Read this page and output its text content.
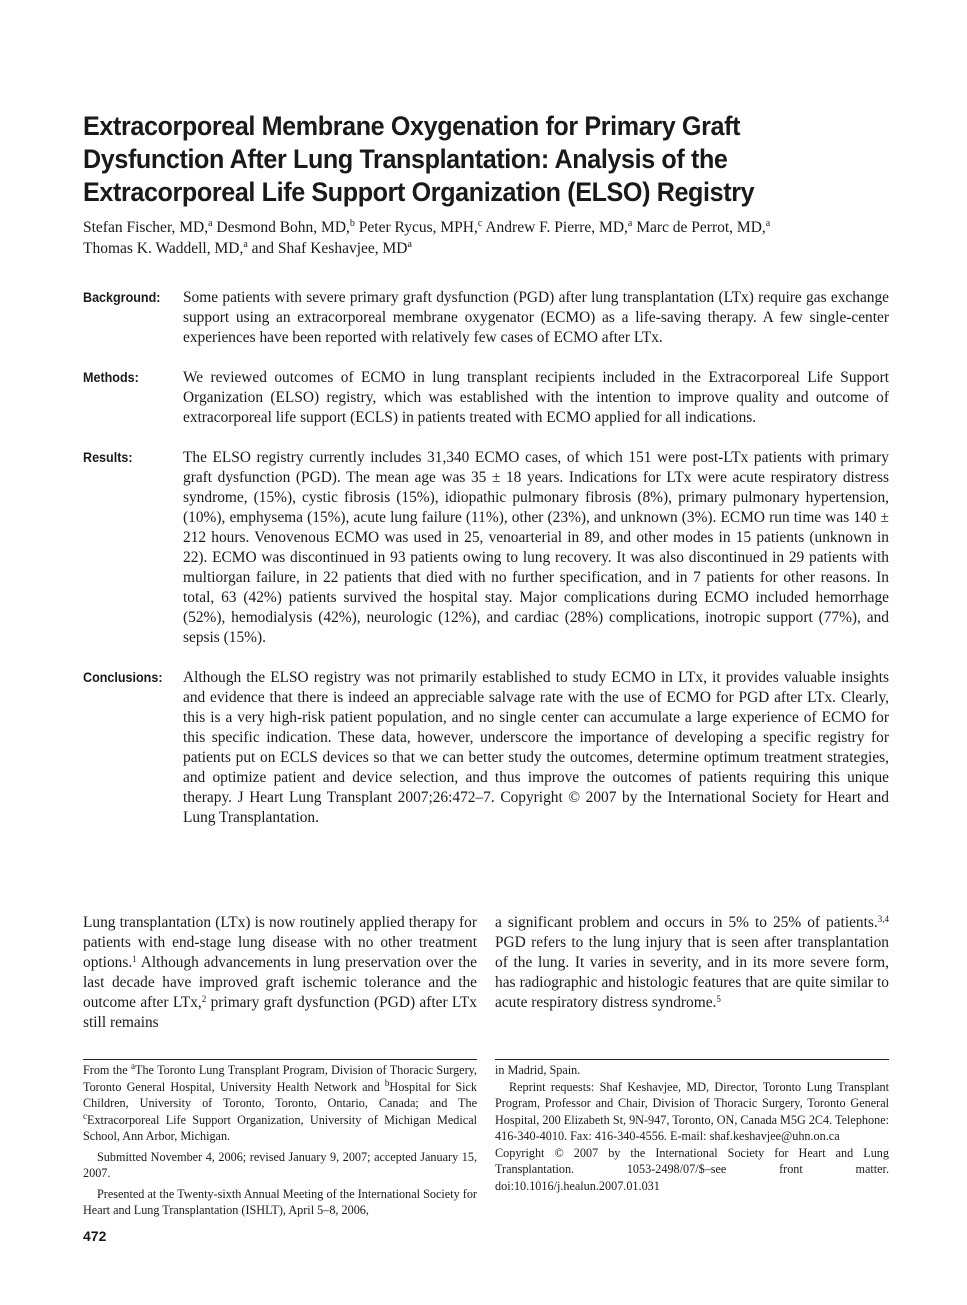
Extracorporeal Membrane Oxygenation for Primary Graft Dysfunction After Lung Transplantation: Analysis of the Extracorporeal Life Support Organization (ELSO) Registry
Stefan Fischer, MD,$^a$ Desmond Bohn, MD,$^b$ Peter Rycus, MPH,$^c$ Andrew F. Pierre, MD,$^a$ Marc de Perrot, MD,$^a$
Thomas K. Waddell, MD,$^a$ and Shaf Keshavjee, $MD^a$
Background: Some patients with severe primary graft dysfunction (PGD) after lung transplantation (LTx) require gas exchange support using an extracorporeal membrane oxygenator (ECMO) as a life-saving therapy. A few single-center experiences have been reported with relatively few cases of ECMO after LTx.
Methods:	We reviewed outcomes of ECMO in lung transplant recipients included in the Extracorporeal Life Support Organization (ELSO) registry, which was established with the intention to improve quality and outcome of extracorporeal life support (ECLS) in patients treated with ECMO applied for all indications.
Results:	The ELSO registry currently includes 31,340 ECMO cases, of which 151 were post-LTx patients with primary graft dysfunction (PGD). The mean age was 35 ± 18 years. Indications for LTx were acute respiratory distress syndrome, (15%), cystic fibrosis (15%), idiopathic pulmonary fibrosis (8%), primary pulmonary hypertension, (10%), emphysema (15%), acute lung failure (11%), other (23%), and unknown (3%). ECMO run time was 140 ± 212 hours. Venovenous ECMO was used in 25, venoarterial in 89, and other modes in 15 patients (unknown in 22). ECMO was discontinued in 93 patients owing to lung recovery. It was also discontinued in 29 patients with multiorgan failure, in 22 patients that died with no further specification, and in 7 patients for other reasons. In total, 63 (42%) patients survived the hospital stay. Major complications during ECMO included hemorrhage (52%), hemodialysis (42%), neurologic (12%), and cardiac (28%) complications, inotropic support (77%), and sepsis (15%).
Conclusions: Although the ELSO registry was not primarily established to study ECMO in LTx, it provides valuable insights and evidence that there is indeed an appreciable salvage rate with the use of ECMO for PGD after LTx. Clearly, this is a very high-risk patient population, and no single center can accumulate a large experience of ECMO for this specific indication. These data, however, underscore the importance of developing a specific registry for patients put on ECLS devices so that we can better study the outcomes, determine optimum treatment strategies, and optimize patient and device selection, and thus improve the outcomes of patients requiring this unique therapy. J Heart Lung Transplant 2007;26:472–7. Copyright © 2007 by the International Society for Heart and Lung Transplantation.
Lung transplantation (LTx) is now routinely applied therapy for patients with end-stage lung disease with no other treatment options.$^1$ Although advancements in lung preservation over the last decade have improved graft ischemic tolerance and the outcome after LTx,$^2$ primary graft dysfunction (PGD) after LTx still remains
a significant problem and occurs in 5% to 25% of patients.$^{3,4}$ PGD refers to the lung injury that is seen after transplantation of the lung. It varies in severity, and in its more severe form, has radiographic and histologic features that are quite similar to acute respiratory distress syndrome.$^5$

From the $^a$The Toronto Lung Transplant Program, Division of Thoracic Surgery, Toronto General Hospital, University Health Network and $^b$Hospital for Sick Children, University of Toronto, Toronto, Ontario, Canada; and The $^c$Extracorporeal Life Support Organization, University of Michigan Medical School, Ann Arbor, Michigan.

Submitted November 4, 2006; revised January 9, 2007; accepted January 15, 2007.

Presented at the Twenty-sixth Annual Meeting of the International Society for Heart and Lung Transplantation (ISHLT), April 5–8, 2006,

in Madrid, Spain.

Reprint requests: Shaf Keshavjee, MD, Director, Toronto Lung Transplant Program, Professor and Chair, Division of Thoracic Surgery, Toronto General Hospital, 200 Elizabeth St, 9N-947, Toronto, ON, Canada M5G 2C4. Telephone: 416-340-4010. Fax: 416-340-4556. E-mail: shaf.keshavjee@uhn.on.ca

Copyright © 2007 by the International Society for Heart and Lung Transplantation. 1053-2498/07/$–see front matter. doi:10.1016/j.healun.2007.01.031

472
